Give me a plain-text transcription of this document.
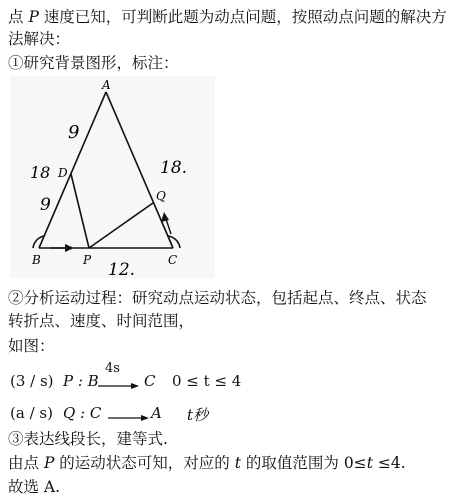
点 P 速度已知，可判断此题为动点问题，按照动点问题的解决方
法解决：
①研究背景图形，标注：
A
B	C
D
P
Q
9
18
9
18.
12.
②分析运动过程：研究动点运动状态，包括起点、终点、状态
转折点、速度、时间范围，
如图：
(3 / s) P : B
4s
C 0 ≤ t ≤ 4
(a / s) Q : C	A t秒
③表达线段长，建等式.
由点 P 的运动状态可知，对应的 t 的取值范围为 0≤t ≤4.
故选 A.
